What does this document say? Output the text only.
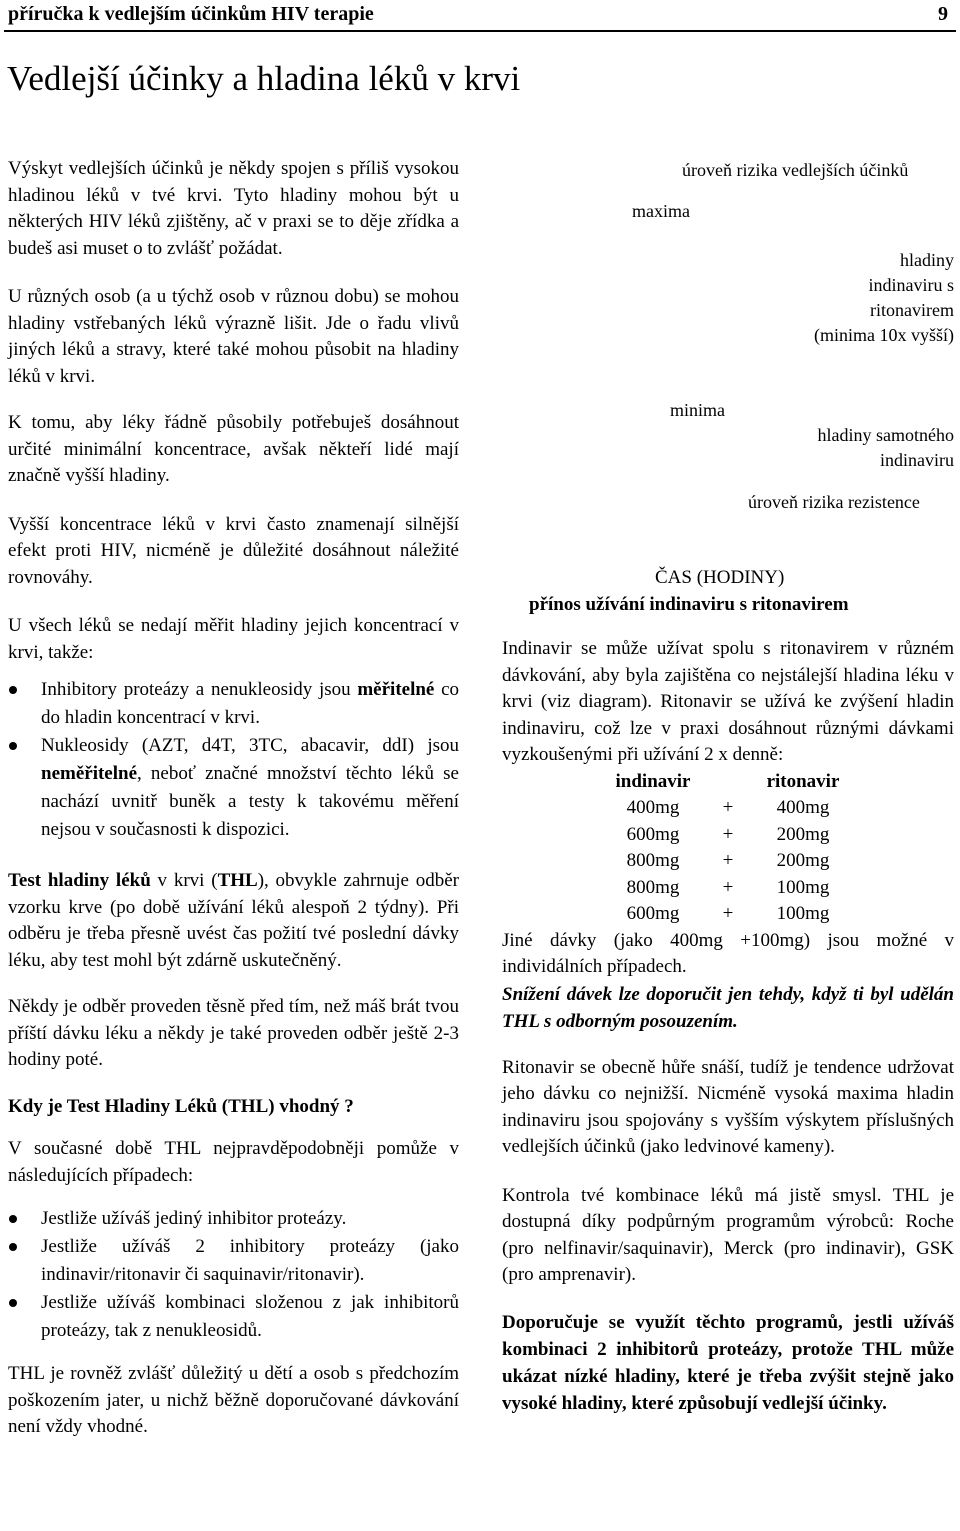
příručka k vedlejším účinkům HIV terapie	9
Vedlejší účinky a hladina léků v krvi

Výskyt vedlejších účinků je někdy spojen s příliš vysokou hladinou léků v tvé krvi. Tyto hladiny mohou být u některých HIV léků zjištěny, ač v praxi se to děje zřídka a budeš asi muset o to zvlášť požádat.

U různých osob (a u týchž osob v různou dobu) se mohou hladiny vstřebaných léků výrazně lišit. Jde o řadu vlivů jiných léků a stravy, které také mohou působit na hladiny léků v krvi.

K tomu, aby léky řádně působily potřebuješ dosáhnout určité minimální koncentrace, avšak někteří lidé mají značně vyšší hladiny.

Vyšší koncentrace léků v krvi často znamenají silnější efekt proti HIV, nicméně je důležité dosáhnout náležité rovnováhy.

U všech léků se nedají měřit hladiny jejich koncentrací v krvi, takže:

Inhibitory proteázy a nenukleosidy jsou měřitelné co do hladin koncentrací v krvi.
Nukleosidy (AZT, d4T, 3TC, abacavir, ddI) jsou neměřitelné, neboť značné množství těchto léků se nachází uvnitř buněk a testy k takovému měření nejsou v současnosti k dispozici.

Test hladiny léků v krvi (THL), obvykle zahrnuje odběr vzorku krve (po době užívání léků alespoň 2 týdny). Při odběru je třeba přesně uvést čas požití tvé poslední dávky léku, aby test mohl být zdárně uskutečněný.

Někdy je odběr proveden těsně před tím, než máš brát tvou příští dávku léku a někdy je také proveden odběr ještě 2-3 hodiny poté.

Kdy je Test Hladiny Léků (THL) vhodný ?

V současné době THL nejpravděpodobněji pomůže v následujících případech:

Jestliže užíváš jediný inhibitor proteázy.
Jestliže užíváš 2 inhibitory proteázy (jako indinavir/ritonavir či saquinavir/ritonavir).
Jestliže užíváš kombinaci složenou z jak inhibitorů proteázy, tak z nenukleosidů.

THL je rovněž zvlášť důležitý u dětí a osob s předchozím poškozením jater, u nichž běžně doporučované dávkování není vždy vhodné.

úroveň rizika vedlejších účinků
maxima
hladiny
indinaviru s
ritonavirem
(minima 10x vyšší)
minima
hladiny samotného
indinaviru
úroveň rizika rezistence
ČAS (HODINY)
přínos užívání indinaviru s ritonavirem

Indinavir se může užívat spolu s ritonavirem v různém dávkování, aby byla zajištěna co nejstálejší hladina léku v krvi (viz diagram). Ritonavir se užívá ke zvýšení hladin indinaviru, což lze v praxi dosáhnout různými dávkami vyzkoušenými při užívání 2 x denně:

indinavir		ritonavir
400mg	+	400mg
600mg	+	200mg
800mg	+	200mg
800mg	+	100mg
600mg	+	100mg

Jiné dávky (jako 400mg +100mg) jsou možné v individálních případech.

Snížení dávek lze doporučit jen tehdy, když ti byl udělán THL s odborným posouzením.

Ritonavir se obecně hůře snáší, tudíž je tendence udržovat jeho dávku co nejnižší. Nicméně vysoká maxima hladin indinaviru jsou spojovány s vyšším výskytem příslušných vedlejších účinků (jako ledvinové kameny).

Kontrola tvé kombinace léků má jistě smysl. THL je dostupná díky podpůrným programům výrobců: Roche (pro nelfinavir/saquinavir), Merck (pro indinavir), GSK (pro amprenavir).

Doporučuje se využít těchto programů, jestli užíváš kombinaci 2 inhibitorů proteázy, protože THL může ukázat nízké hladiny, které je třeba zvýšit stejně jako vysoké hladiny, které způsobují vedlejší účinky.
